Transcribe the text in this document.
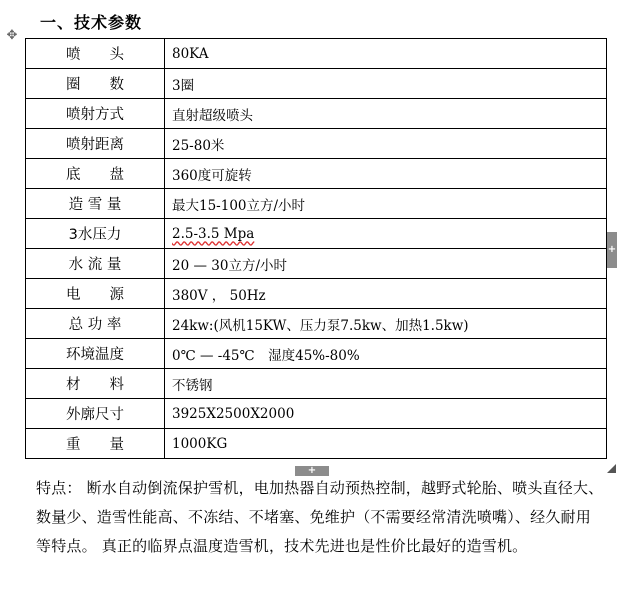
一、技术参数
✥
喷　　头	80KA
圈　　数	3圈
喷射方式	直射超级喷头
喷射距离	25-80米
底　　盘	360度可旋转
造 雪 量	最大15-100立方/小时
3水压力	2.5-3.5 Mpa
水 流 量	20 — 30立方/小时
电　　源	380V ， 50Hz
总 功 率	24kw:(风机15KW、压力泵7.5kw、加热1.5kw)
环境温度	0℃ — -45℃　湿度45%-80%
材　　料	不锈钢
外廓尺寸	3925X2500X2000
重　　量	1000KG
+
+
特点： 断水自动倒流保护雪机，电加热器自动预热控制，越野式轮胎、喷头直径大、数量少、造雪性能高、不冻结、不堵塞、免维护（不需要经常清洗喷嘴）、经久耐用等特点。 真正的临界点温度造雪机，技术先进也是性价比最好的造雪机。
